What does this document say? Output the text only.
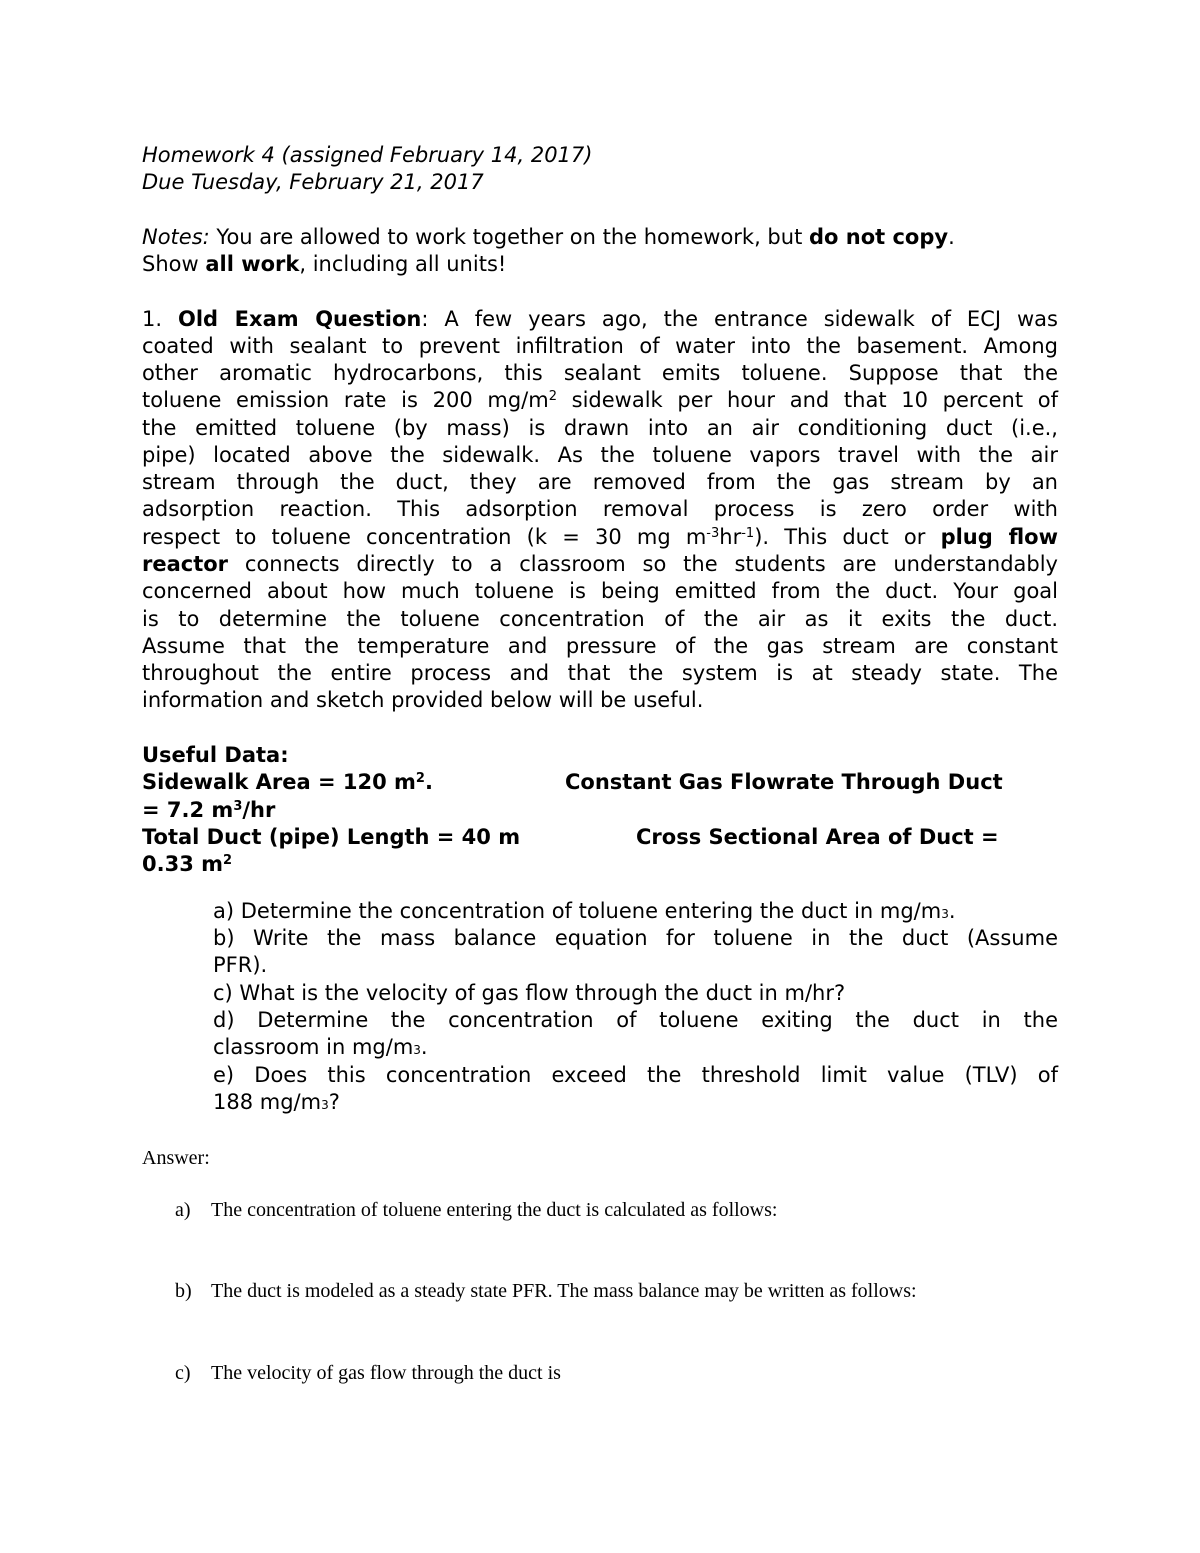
Homework 4 (assigned February 14, 2017)

Due Tuesday, February 21, 2017

Notes: You are allowed to work together on the homework, but do not copy.

Show all work, including all units!

1. Old Exam Question: A few years ago, the entrance sidewalk of ECJ was

coated with sealant to prevent infiltration of water into the basement. Among

other aromatic hydrocarbons, this sealant emits toluene. Suppose that the

toluene emission rate is 200 $mg/m^2$ sidewalk per hour and that 10 percent of

the emitted toluene (by mass) is drawn into an air conditioning duct (i.e.,

pipe) located above the sidewalk. As the toluene vapors travel with the air

stream through the duct, they are removed from the gas stream by an

adsorption reaction. This adsorption removal process is zero order with

respect to toluene concentration (k = 30 mg $m^{-3}hr^{-1}$). This duct or plug flow

reactor connects directly to a classroom so the students are understandably

concerned about how much toluene is being emitted from the duct. Your goal

is to determine the toluene concentration of the air as it exits the duct.

Assume that the temperature and pressure of the gas stream are constant

throughout the entire process and that the system is at steady state. The

information and sketch provided below will be useful.

Useful Data:

Sidewalk Area = 120 $m^2$.	Constant Gas Flowrate Through Duct

= 7.2 $m^3/hr$

Total Duct (pipe) Length = 40 m	Cross Sectional Area of Duct =

0.33 $m^2$

a) Determine the concentration of toluene entering the duct in mg/m3.

b) Write the mass balance equation for toluene in the duct (Assume

PFR).

c) What is the velocity of gas flow through the duct in m/hr?

d) Determine the concentration of toluene exiting the duct in the

classroom in mg/m3.

e) Does this concentration exceed the threshold limit value (TLV) of

188 mg/m3?

Answer:

a) The concentration of toluene entering the duct is calculated as follows:
b) The duct is modeled as a steady state PFR. The mass balance may be written as follows:
c) The velocity of gas flow through the duct is
